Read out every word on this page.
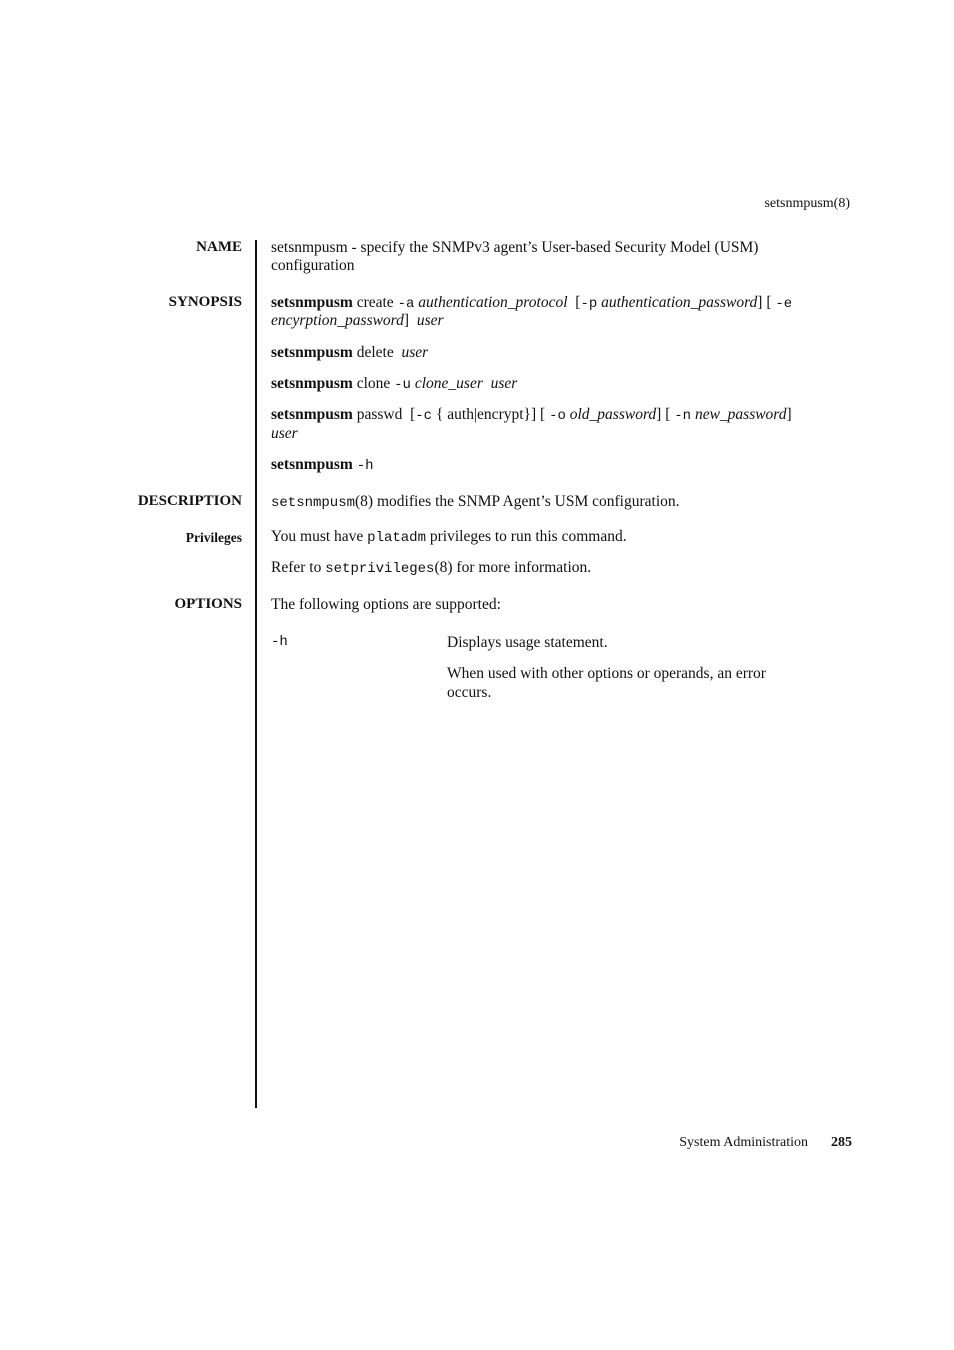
setsnmpusm(8)
NAME setsnmpusm - specify the SNMPv3 agent’s User-based Security Model (USM)
configuration
SYNOPSIS setsnmpusm create -a authentication_protocol [-p authentication_password] [ -e
encyrption_password] user
setsnmpusm delete user
setsnmpusm clone -u clone_user user
setsnmpusm passwd [-c { auth|encrypt}] [ -o old_password] [ -n new_password]
user
setsnmpusm -h
DESCRIPTION setsnmpusm(8) modifies the SNMP Agent’s USM configuration.
Privileges You must have platadm privileges to run this command.
Refer to setprivileges(8) for more information.
OPTIONS The following options are supported:
-h	Displays usage statement.
When used with other options or operands, an error
occurs.
System Administration 285
